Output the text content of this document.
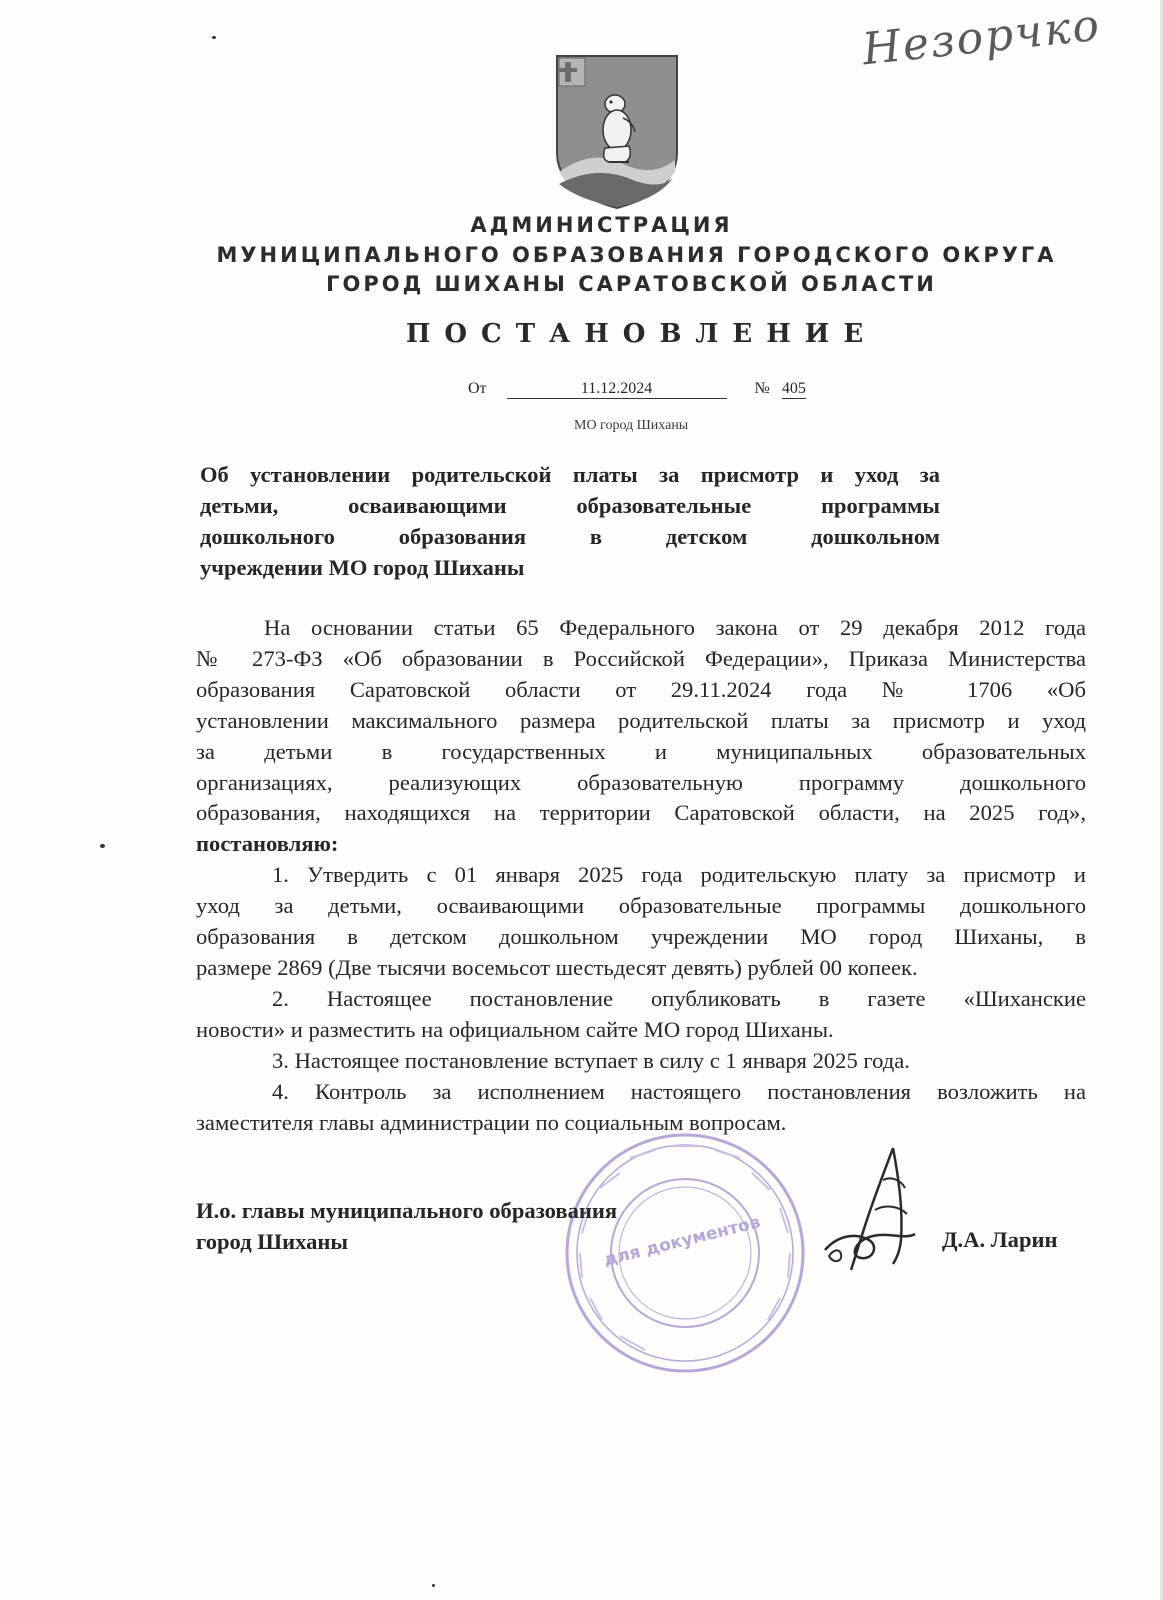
Незорчко
АДМИНИСТРАЦИЯ
МУНИЦИПАЛЬНОГО ОБРАЗОВАНИЯ ГОРОДСКОГО ОКРУГА
ГОРОД ШИХАНЫ САРАТОВСКОЙ ОБЛАСТИ
ПОСТАНОВЛЕНИЕ
От	11.12.2024	№ 405
МО город Шиханы
Об установлении родительской платы за присмотр и уход за
детьми, осваивающими образовательные программы
дошкольного образования в детском дошкольном
учреждении МО город Шиханы
На основании статьи 65 Федерального закона от 29 декабря 2012 года
№ 273-ФЗ «Об образовании в Российской Федерации», Приказа Министерства
образования Саратовской области от 29.11.2024 года № 1706 «Об
установлении максимального размера родительской платы за присмотр и уход
за детьми в государственных и муниципальных образовательных
организациях, реализующих образовательную программу дошкольного
образования, находящихся на территории Саратовской области, на 2025 год»,
постановляю:
1. Утвердить с 01 января 2025 года родительскую плату за присмотр и
уход за детьми, осваивающими образовательные программы дошкольного
образования в детском дошкольном учреждении МО город Шиханы, в
размере 2869 (Две тысячи восемьсот шестьдесят девять) рублей 00 копеек.
2. Настоящее постановление опубликовать в газете «Шиханские
новости» и разместить на официальном сайте МО город Шиханы.
3. Настоящее постановление вступает в силу с 1 января 2025 года.
4. Контроль за исполнением настоящего постановления возложить на
заместителя главы администрации по социальным вопросам.
для документов
И.о. главы муниципального образования
город Шиханы	Д.А. Ларин
